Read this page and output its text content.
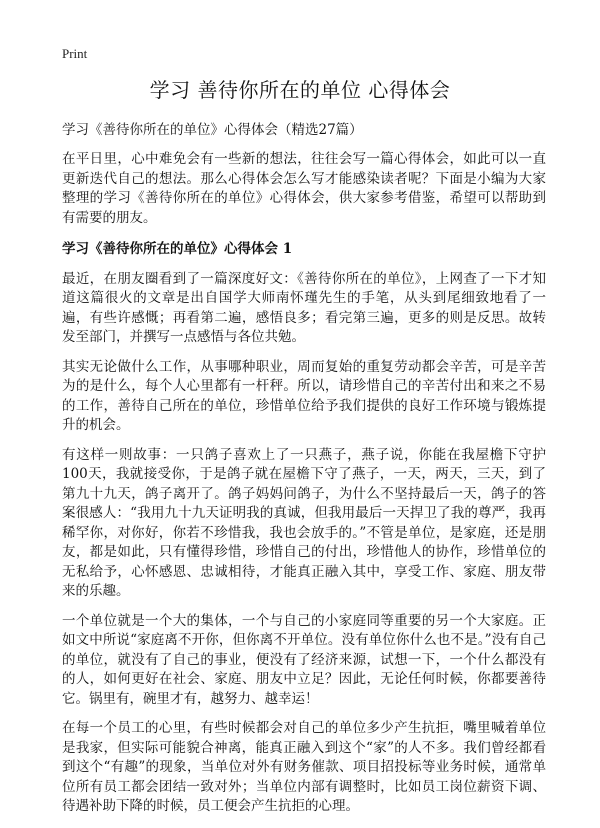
Print
学习 善待你所在的单位 心得体会
学习《善待你所在的单位》心得体会（精选27篇）

在平日里，心中难免会有一些新的想法，往往会写一篇心得体会，如此可以一直更新迭代自己的想法。那么心得体会怎么写才能感染读者呢？下面是小编为大家整理的学习《善待你所在的单位》心得体会，供大家参考借鉴，希望可以帮助到有需要的朋友。

学习《善待你所在的单位》心得体会 1

最近，在朋友圈看到了一篇深度好文：《善待你所在的单位》，上网查了一下才知道这篇很火的文章是出自国学大师南怀瑾先生的手笔，从头到尾细致地看了一遍，有些许感慨；再看第二遍，感悟良多；看完第三遍，更多的则是反思。故转发至部门，并撰写一点感悟与各位共勉。

其实无论做什么工作，从事哪种职业，周而复始的重复劳动都会辛苦，可是辛苦为的是什么，每个人心里都有一杆秤。所以，请珍惜自己的辛苦付出和来之不易的工作，善待自己所在的单位，珍惜单位给予我们提供的良好工作环境与锻炼提升的机会。

有这样一则故事：一只鸽子喜欢上了一只燕子，燕子说，你能在我屋檐下守护100天，我就接受你，于是鸽子就在屋檐下守了燕子，一天，两天，三天，到了第九十九天，鸽子离开了。鸽子妈妈问鸽子，为什么不坚持最后一天，鸽子的答案很感人：“我用九十九天证明我的真诚，但我用最后一天捍卫了我的尊严，我再稀罕你，对你好，你若不珍惜我，我也会放手的。”不管是单位，是家庭，还是朋友，都是如此，只有懂得珍惜，珍惜自己的付出，珍惜他人的协作，珍惜单位的无私给予，心怀感恩、忠诚相待，才能真正融入其中，享受工作、家庭、朋友带来的乐趣。

一个单位就是一个大的集体，一个与自己的小家庭同等重要的另一个大家庭。正如文中所说“家庭离不开你，但你离不开单位。没有单位你什么也不是。”没有自己的单位，就没有了自己的事业，便没有了经济来源，试想一下，一个什么都没有的人，如何更好在社会、家庭、朋友中立足？因此，无论任何时候，你都要善待它。锅里有，碗里才有，越努力、越幸运！

在每一个员工的心里，有些时候都会对自己的单位多少产生抗拒，嘴里喊着单位是我家，但实际可能貌合神离，能真正融入到这个“家”的人不多。我们曾经都看到这个“有趣”的现象，当单位对外有财务催款、项目招投标等业务时候，通常单位所有员工都会团结一致对外；当单位内部有调整时，比如员工岗位薪资下调、待遇补助下降的时候，员工便会产生抗拒的心理。
